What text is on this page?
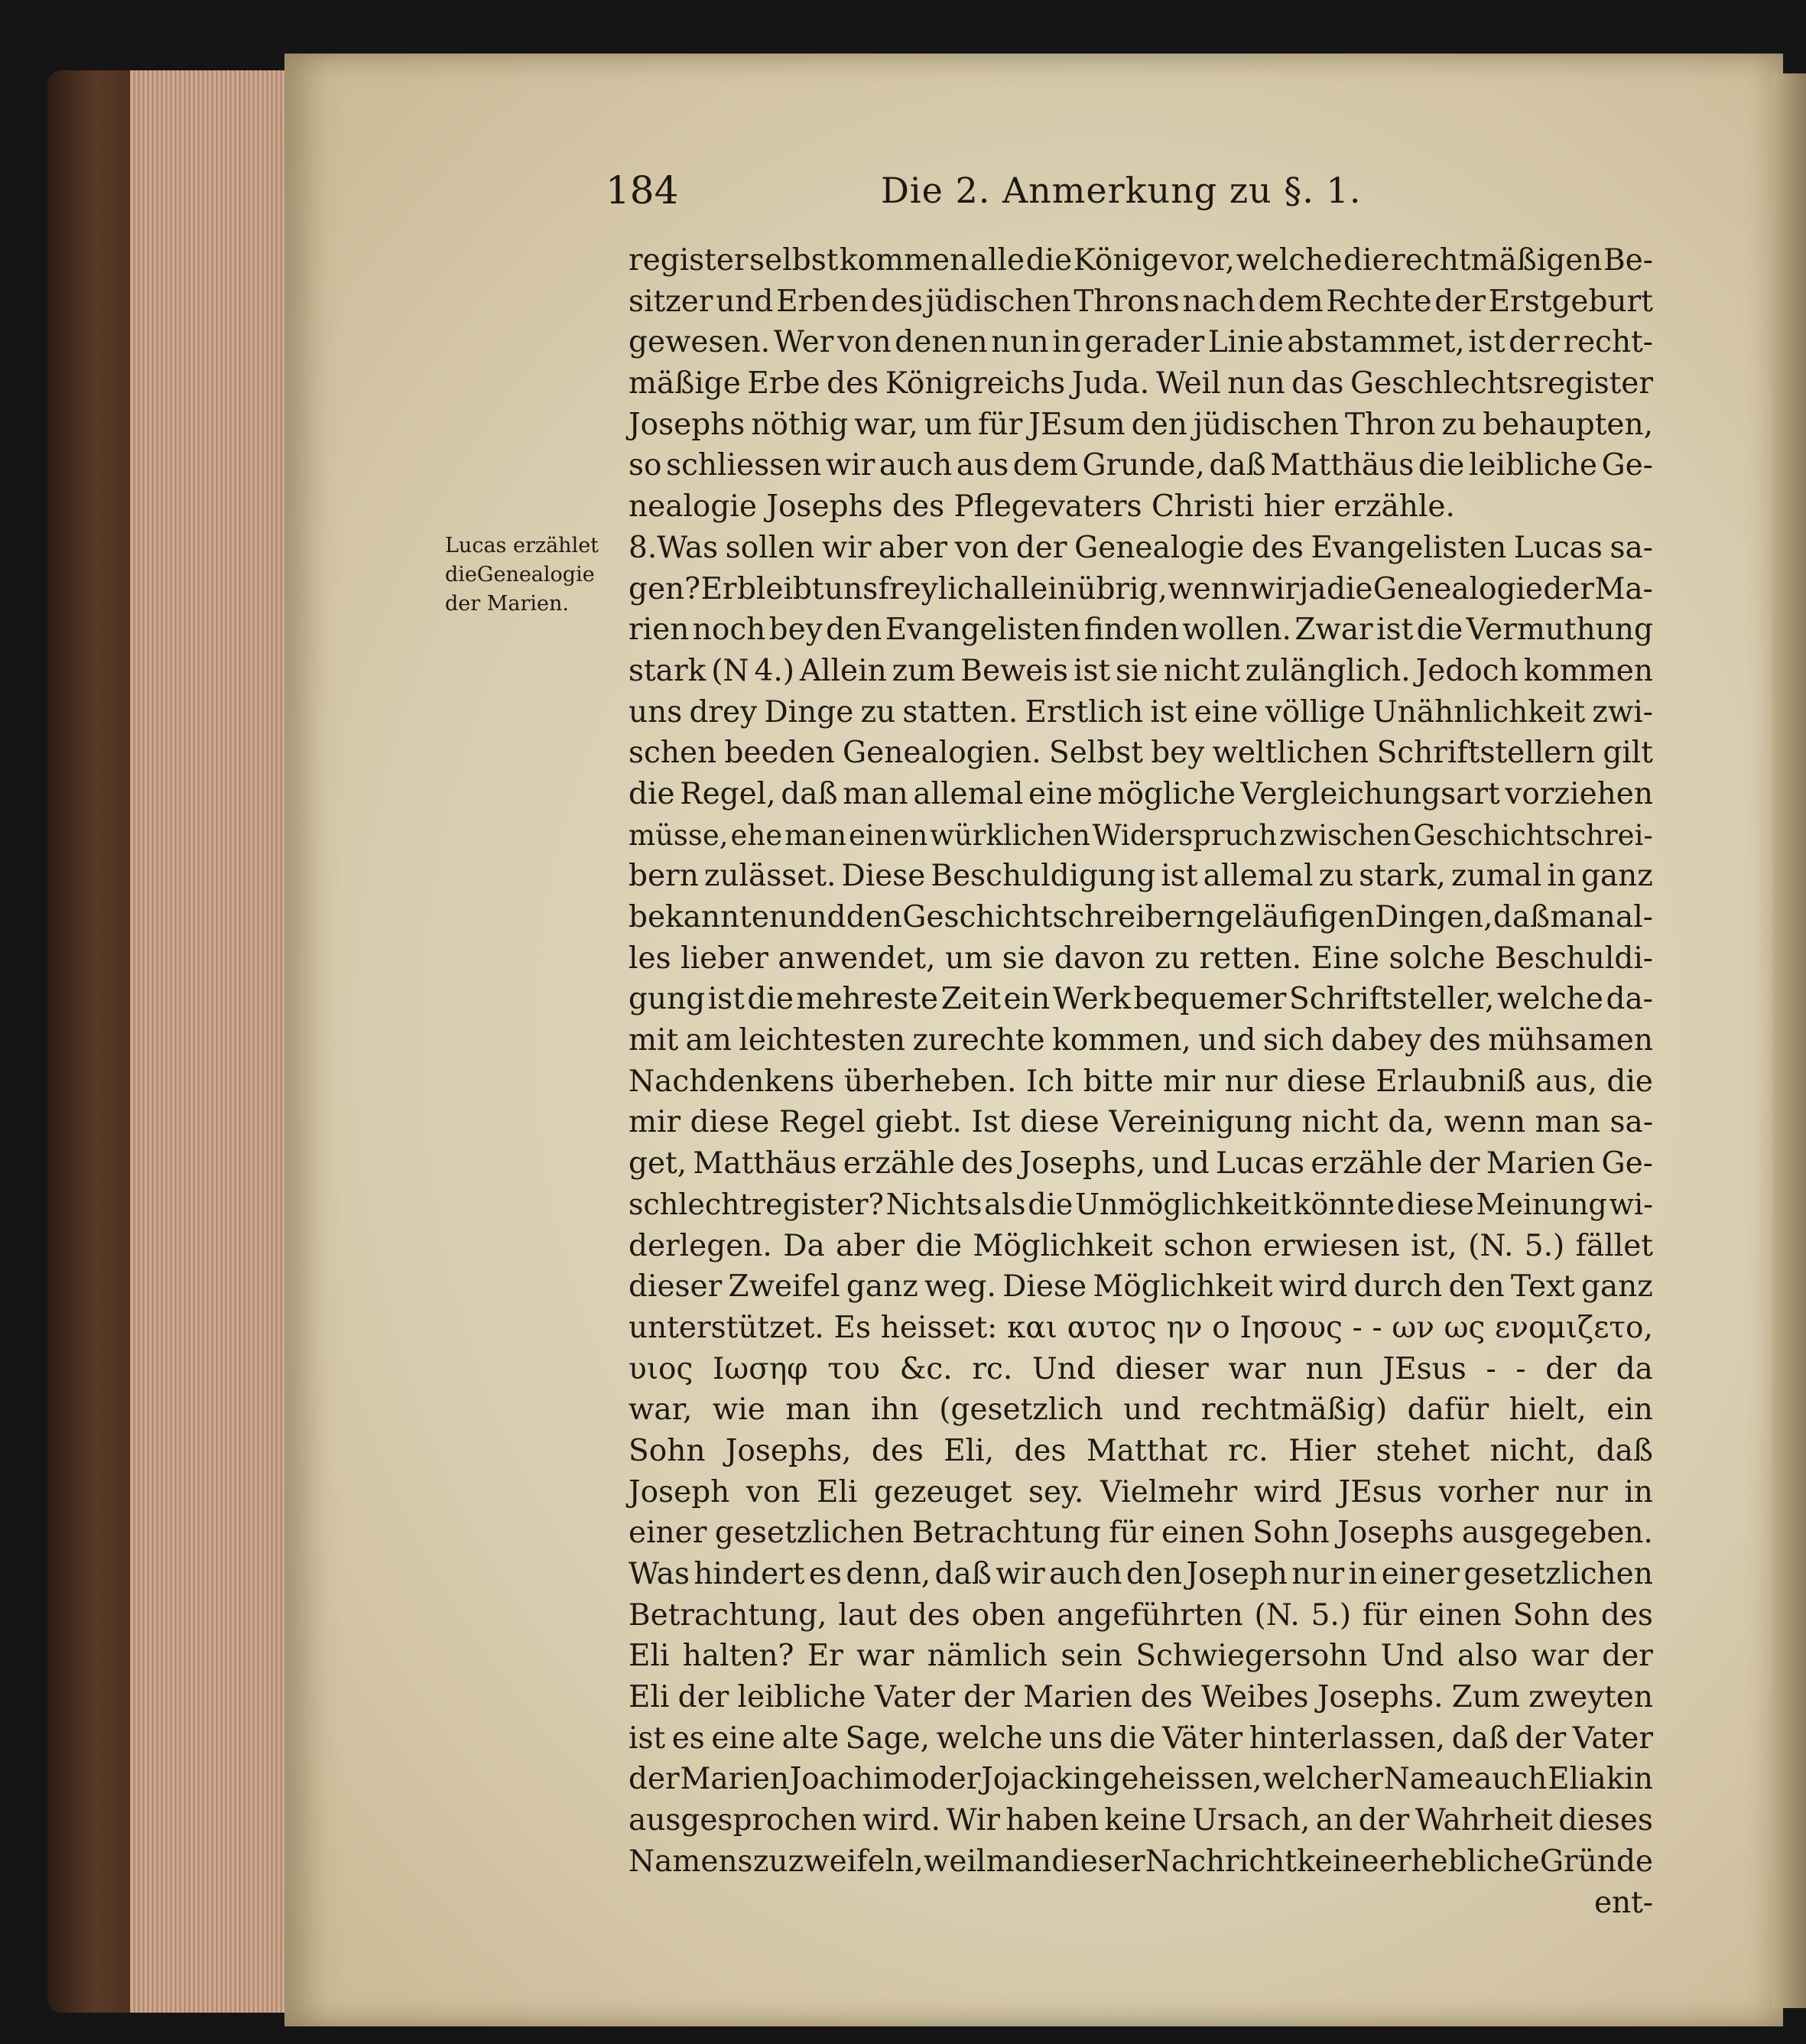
184	Die 2. Anmerkung zu §. 1.
Lucas erzählet
dieGenealogie
der Marien.
register selbst kommen alle die Könige vor, welche die rechtmäßigen Be-
sitzer und Erben des jüdischen Throns nach dem Rechte der Erstgeburt
gewesen. Wer von denen nun in gerader Linie abstammet, ist der recht-
mäßige Erbe des Königreichs Juda. Weil nun das Geschlechtsregister
Josephs nöthig war, um für JEsum den jüdischen Thron zu behaupten,
so schliessen wir auch aus dem Grunde, daß Matthäus die leibliche Ge-
nealogie Josephs des Pflegevaters Christi hier erzähle.
8.Was sollen wir aber von der Genealogie des Evangelisten Lucas sa-
gen? Er bleibt uns freylich allein übrig, wenn wir ja die Genealogie der Ma-
rien noch bey den Evangelisten finden wollen. Zwar ist die Vermuthung
stark (N 4.) Allein zum Beweis ist sie nicht zulänglich. Jedoch kommen
uns drey Dinge zu statten. Erstlich ist eine völlige Unähnlichkeit zwi-
schen beeden Genealogien. Selbst bey weltlichen Schriftstellern gilt
die Regel, daß man allemal eine mögliche Vergleichungsart vorziehen
müsse, ehe man einen würklichen Widerspruch zwischen Geschichtschrei-
bern zulässet. Diese Beschuldigung ist allemal zu stark, zumal in ganz
bekannten und den Geschichtschreibern geläufigen Dingen, daß man al-
les lieber anwendet, um sie davon zu retten. Eine solche Beschuldi-
gung ist die mehreste Zeit ein Werk bequemer Schriftsteller, welche da-
mit am leichtesten zurechte kommen, und sich dabey des mühsamen
Nachdenkens überheben. Ich bitte mir nur diese Erlaubniß aus, die
mir diese Regel giebt. Ist diese Vereinigung nicht da, wenn man sa-
get, Matthäus erzähle des Josephs, und Lucas erzähle der Marien Ge-
schlechtregister? Nichts als die Unmöglichkeit könnte diese Meinung wi-
derlegen. Da aber die Möglichkeit schon erwiesen ist, (N. 5.) fället
dieser Zweifel ganz weg. Diese Möglichkeit wird durch den Text ganz
unterstützet. Es heisset: και αυτος ην ο Ιησους - - ων ως ενομιζετο,
υιος Ιωσηφ του &c. rc. Und dieser war nun JEsus - - der da
war, wie man ihn (gesetzlich und rechtmäßig) dafür hielt, ein
Sohn Josephs, des Eli, des Matthat rc. Hier stehet nicht, daß
Joseph von Eli gezeuget sey. Vielmehr wird JEsus vorher nur in
einer gesetzlichen Betrachtung für einen Sohn Josephs ausgegeben.
Was hindert es denn, daß wir auch den Joseph nur in einer gesetzlichen
Betrachtung, laut des oben angeführten (N. 5.) für einen Sohn des
Eli halten? Er war nämlich sein Schwiegersohn Und also war der
Eli der leibliche Vater der Marien des Weibes Josephs. Zum zweyten
ist es eine alte Sage, welche uns die Väter hinterlassen, daß der Vater
der Marien Joachim oder Jojackin geheissen, welcher Name auch Eliakin
ausgesprochen wird. Wir haben keine Ursach, an der Wahrheit dieses
Namens zu zweifeln, weil man dieser Nachricht keine erhebliche Gründe
ent-
